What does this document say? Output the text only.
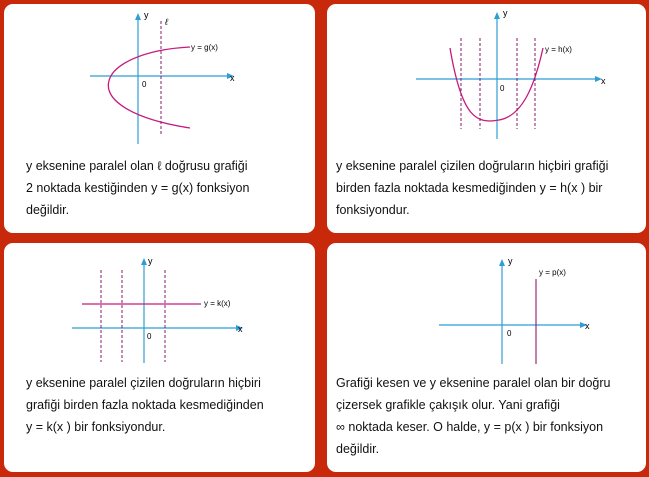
y
x
0
ℓ
y = g(x)
y eksenine paralel olan ℓ doğrusu grafiği
2 noktada kestiğinden y = g(x) fonksiyon
değildir.
y
x
0
y = h(x)
y eksenine paralel çizilen doğruların hiçbiri grafiği
birden fazla noktada kesmediğinden y = h(x ) bir
fonksiyondur.
y
x
0
y = k(x)
y eksenine paralel çizilen doğruların hiçbiri
grafiği birden fazla noktada kesmediğinden
y = k(x ) bir fonksiyondur.
y
x
0
y = p(x)
Grafiği kesen ve y eksenine paralel olan bir doğru
çizersek grafikle çakışık olur. Yani grafiği
∞ noktada keser. O halde, y = p(x ) bir fonksiyon
değildir.
